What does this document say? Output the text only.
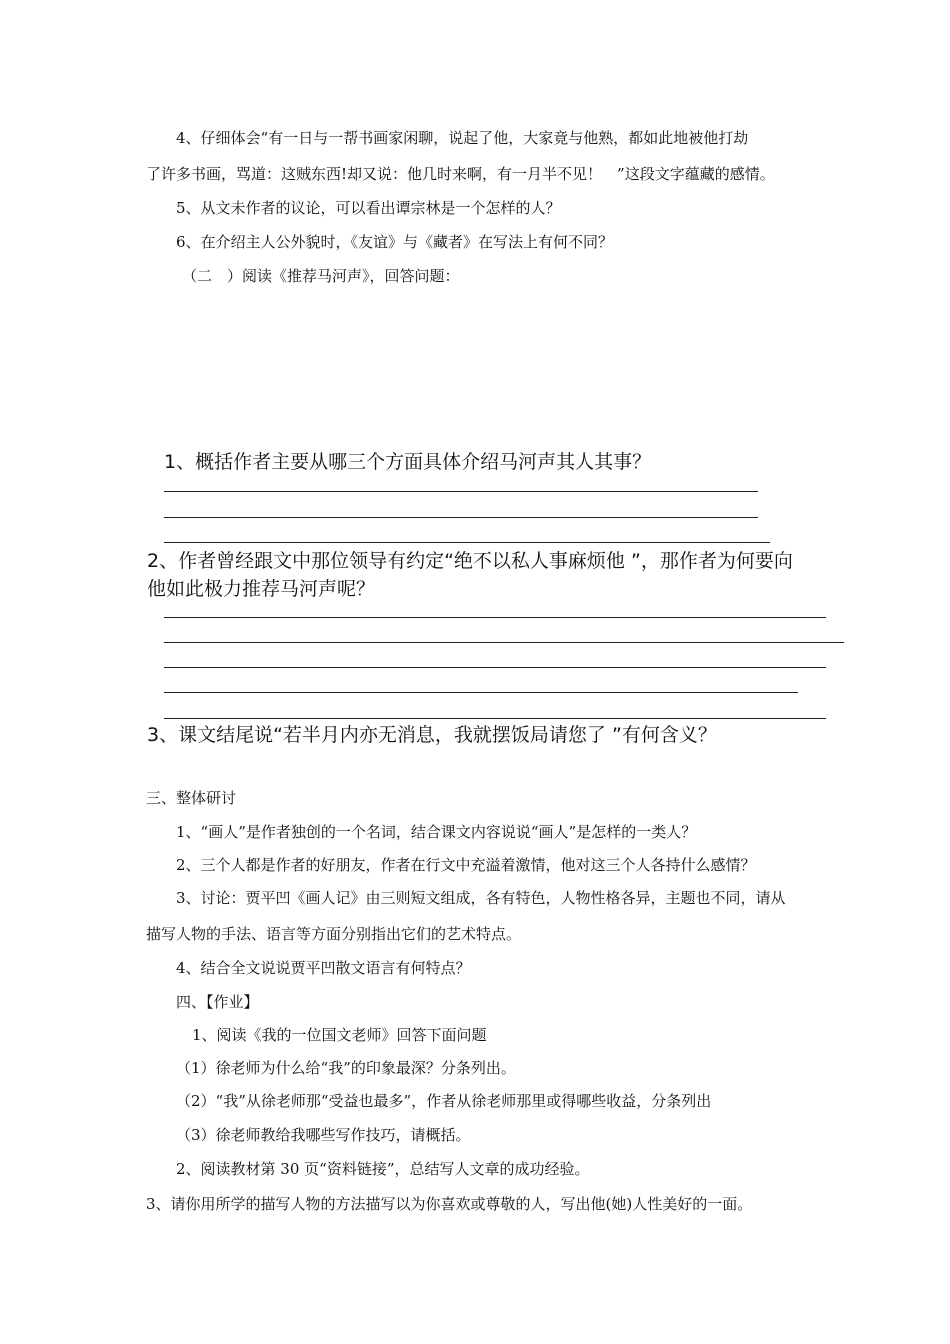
4、仔细体会“有一日与一帮书画家闲聊，说起了他，大家竟与他熟，都如此地被他打劫
了许多书画，骂道：这贼东西!却又说：他几时来啊，有一月半不见！　”这段文字蕴藏的感情。
5、从文未作者的议论，可以看出谭宗林是一个怎样的人？
6、在介绍主人公外貌时，《友谊》与《藏者》在写法上有何不同？
（二　）阅读《推荐马河声》，回答问题：
1、概括作者主要从哪三个方面具体介绍马河声其人其事？
2、作者曾经跟文中那位领导有约定“绝不以私人事麻烦他 ”，那作者为何要向
他如此极力推荐马河声呢？
3、课文结尾说“若半月内亦无消息，我就摆饭局请您了 ”有何含义？
三、整体研讨
1、“画人”是作者独创的一个名词，结合课文内容说说“画人”是怎样的一类人？
2、三个人都是作者的好朋友，作者在行文中充溢着激情，他对这三个人各持什么感情？
3、讨论：贾平凹《画人记》由三则短文组成，各有特色，人物性格各异，主题也不同，请从
描写人物的手法、语言等方面分别指出它们的艺术特点。
4、结合全文说说贾平凹散文语言有何特点？
四、【作业】
1、阅读《我的一位国文老师》回答下面问题
（1）徐老师为什么给“我”的印象最深？分条列出。
（2）“我”从徐老师那“受益也最多”，作者从徐老师那里或得哪些收益，分条列出
（3）徐老师教给我哪些写作技巧，请概括。
2、阅读教材第 30 页“资料链接”，总结写人文章的成功经验。
3、请你用所学的描写人物的方法描写以为你喜欢或尊敬的人，写出他(她)人性美好的一面。
